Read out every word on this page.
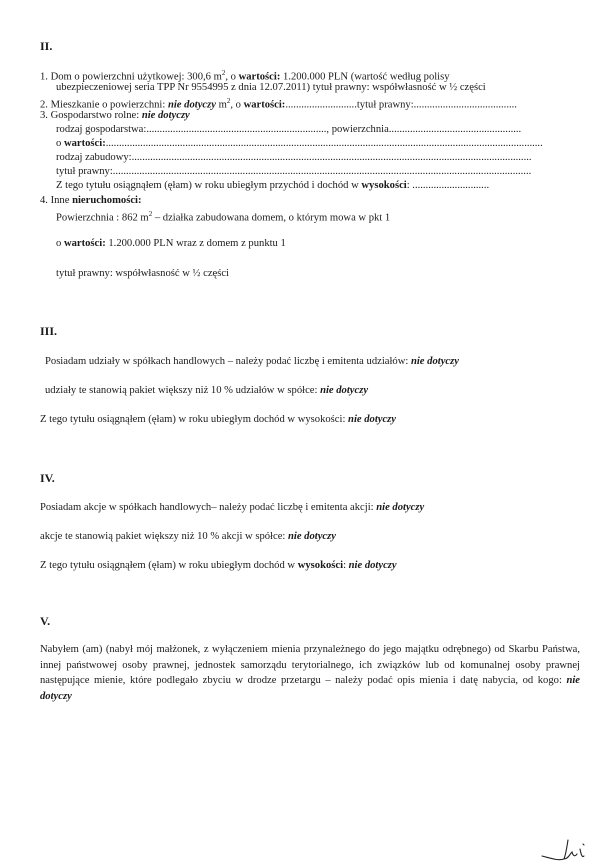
II.
1. Dom o powierzchni użytkowej: 300,6 $m^2$, o wartości: 1.200.000 PLN (wartość według polisy
ubezpieczeniowej seria TPP Nr 9554995 z dnia 12.07.2011) tytuł prawny: współwłasność w ½ części
2. Mieszkanie o powierzchni: nie dotyczy $m^2$, o wartości:...........................tytuł prawny:.......................................
3. Gospodarstwo rolne: nie dotyczy
rodzaj gospodarstwa:...................................................................., powierzchnia..................................................
o wartości:.....................................................................................................................................................................
rodzaj zabudowy:.......................................................................................................................................................
tytuł prawny:..............................................................................................................................................................
Z tego tytułu osiągnąłem (ęłam) w roku ubiegłym przychód i dochód w wysokości: .............................
4. Inne nieruchomości:
Powierzchnia : 862 $m^2$ – działka zabudowana domem, o którym mowa w pkt 1
o wartości: 1.200.000 PLN wraz z domem z punktu 1
tytuł prawny: współwłasność w ½ części
III.
Posiadam udziały w spółkach handlowych – należy podać liczbę i emitenta udziałów: nie dotyczy
udziały te stanowią pakiet większy niż 10 % udziałów w spółce: nie dotyczy
Z tego tytułu osiągnąłem (ęłam) w roku ubiegłym dochód w wysokości: nie dotyczy
IV.
Posiadam akcje w spółkach handlowych– należy podać liczbę i emitenta akcji: nie dotyczy
akcje te stanowią pakiet większy niż 10 % akcji w spółce: nie dotyczy
Z tego tytułu osiągnąłem (ęłam) w roku ubiegłym dochód w wysokości: nie dotyczy
V.
Nabyłem (am) (nabył mój małżonek, z wyłączeniem mienia przynależnego do jego majątku odrębnego) od Skarbu Państwa, innej państwowej osoby prawnej, jednostek samorządu terytorialnego, ich związków lub od komunalnej osoby prawnej następujące mienie, które podlegało zbyciu w drodze przetargu – należy podać opis mienia i datę nabycia, od kogo: nie dotyczy
